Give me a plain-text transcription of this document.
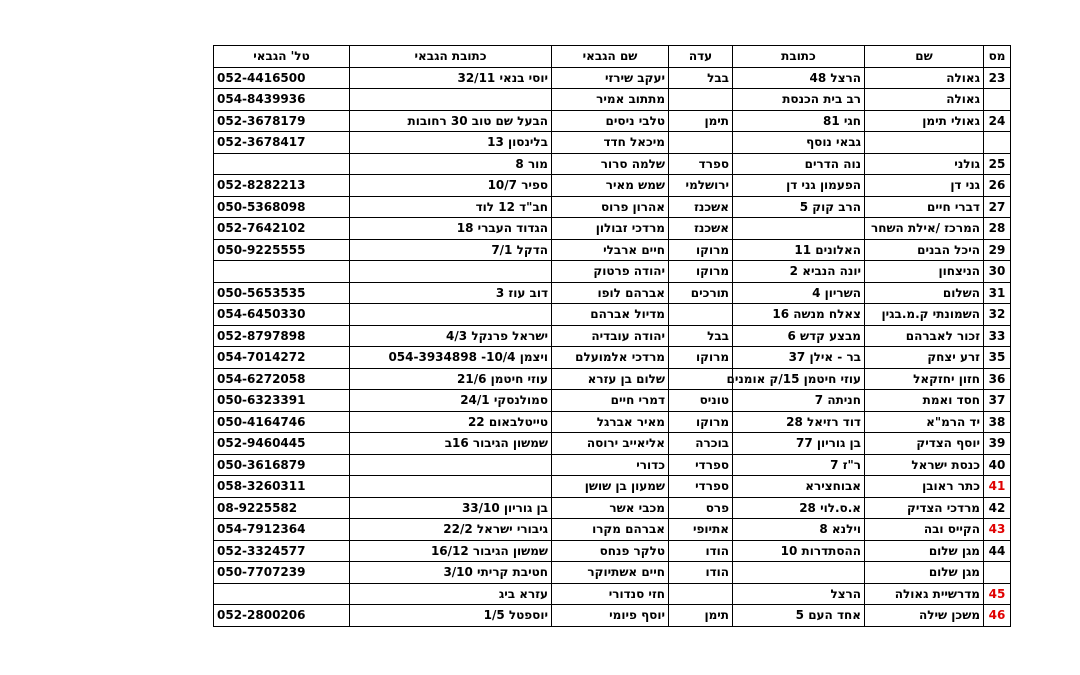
מס	שם	כתובת	עדה	שם הגבאי	כתובת הגבאי	טל' הגבאי
23	גאולה	הרצל 48	בבל	יעקב שירזי	יוסי בנאי 32/11	052-4416500
	גאולה	רב בית הכנסת		מתתוב אמיר		054-8439936
24	גאולי תימן	חגי 81	תימן	טלבי ניסים	הבעל שם טוב 30 רחובות	052-3678179
		גבאי נוסף		מיכאל חדד	בלינסון 13	052-3678417
25	גולני	נוה הדרים	ספרד	שלמה סרור	מור 8	
26	גני דן	הפעמון גני דן	ירושלמי	שמש מאיר	ספיר 10/7	052-8282213
27	דברי חיים	הרב קוק 5	אשכנז	אהרון פרוס	חב"ד 12 לוד	050-5368098
28	המרכז /אילת השחר		אשכנז	מרדכי זבולון	הגדוד העברי 18	052-7642102
29	היכל הבנים	האלונים 11	מרוקו	חיים ארבלי	הדקל 7/1	050-9225555
30	הניצחון	יונה הנביא 2	מרוקו	יהודה פרטוק		
31	השלום	השריון 4	תורכים	אברהם לופו	דוב עוז 3	050-5653535
32	השמונתי ק.מ.בגין	צאלח מנשה 16		מדיול אברהם		054-6450330
33	זכור לאברהם	מבצע קדש 6	בבל	יהודה עובדיה	ישראל פרנקל 4/3	052-8797898
35	זרע יצחק	בר - אילן 37	מרוקו	מרדכי אלמועלם	ויצמן 10/4- 054-3934898	054-7014272
36	חזון יחזקאל	עוזי חיטמן 15/ק אומנים		שלום בן עזרא	עוזי חיטמן 21/6	054-6272058
37	חסד ואמת	חניתה 7	טוניס	דמרי חיים	סמולנסקי 24/1	050-6323391
38	יד הרמ"א	דוד רזיאל 28	מרוקו	מאיר אברגל	טייטלבאום 22	050-4164746
39	יוסף הצדיק	בן גוריון 77	בוכרה	אליאייב ירוסה	שמשון הגיבור 16ב	052-9460445
40	כנסת ישראל	ר"ז 7	ספרדי	כדורי		050-3616879
41	כתר ראובן	אבוחצירא	ספרדי	שמעון בן שושן		058-3260311
42	מרדכי הצדיק	א.ס.לוי 28	פרס	מכבי אשר	בן גוריון 33/10	08-9225582
43	הקייס ובה	וילנא 8	אתיופי	אברהם מקרו	גיבורי ישראל 22/2	054-7912364
44	מגן שלום	ההסתדרות 10	הודו	טלקר פנחס	שמשון הגיבור 16/12	052-3324577
	מגן שלום		הודו	חיים אשתיוקר	חטיבת קריתי 3/10	050-7707239
45	מדרשיית גאולה	הרצל		חזי סנדורי	עזרא ביג	
46	משכן שילה	אחד העם 5	תימן	יוסף פיומי	יוספטל 1/5	052-2800206
